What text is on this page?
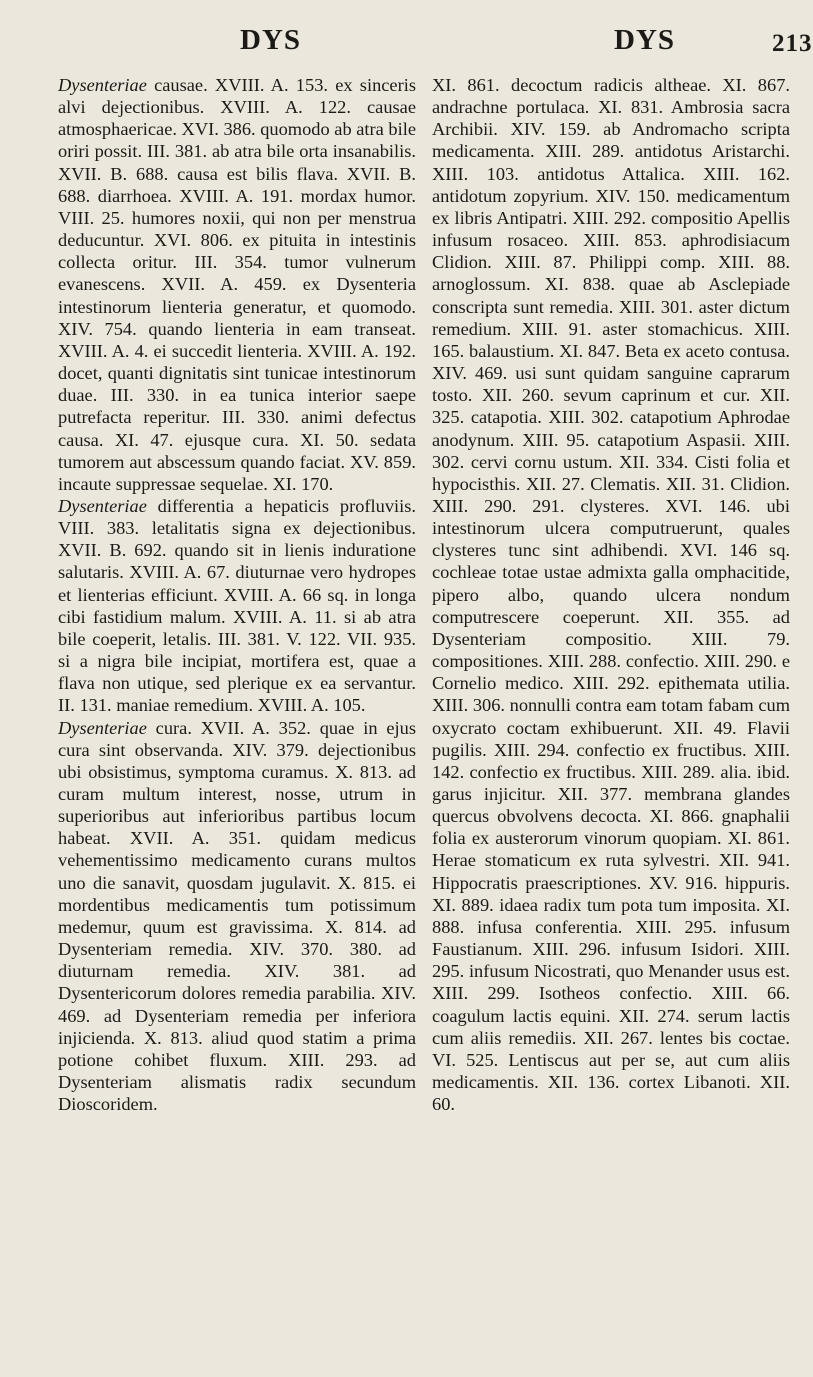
DYS	DYS	213

Dysenteriae causae. XVIII. A. 153. ex sinceris alvi dejectionibus. XVIII. A. 122. causae atmosphaericae. XVI. 386. quomodo ab atra bile oriri possit. III. 381. ab atra bile orta insanabilis. XVII. B. 688. causa est bilis flava. XVII. B. 688. diarrhoea. XVIII. A. 191. mordax humor. VIII. 25. humores noxii, qui non per menstrua deducuntur. XVI. 806. ex pituita in intestinis collecta oritur. III. 354. tumor vulnerum evanescens. XVII. A. 459. ex Dysenteria intestinorum lienteria generatur, et quomodo. XIV. 754. quando lienteria in eam transeat. XVIII. A. 4. ei succedit lienteria. XVIII. A. 192. docet, quanti dignitatis sint tunicae intestinorum duae. III. 330. in ea tunica interior saepe putrefacta reperitur. III. 330. animi defectus causa. XI. 47. ejusque cura. XI. 50. sedata tumorem aut abscessum quando faciat. XV. 859. incaute suppressae sequelae. XI. 170.

Dysenteriae differentia a hepaticis profluviis. VIII. 383. letalitatis signa ex dejectionibus. XVII. B. 692. quando sit in lienis induratione salutaris. XVIII. A. 67. diuturnae vero hydropes et lienterias efficiunt. XVIII. A. 66 sq. in longa cibi fastidium malum. XVIII. A. 11. si ab atra bile coeperit, letalis. III. 381. V. 122. VII. 935. si a nigra bile incipiat, mortifera est, quae a flava non utique, sed plerique ex ea servantur. II. 131. maniae remedium. XVIII. A. 105.

Dysenteriae cura. XVII. A. 352. quae in ejus cura sint observanda. XIV. 379. dejectionibus ubi obsistimus, symptoma curamus. X. 813. ad curam multum interest, nosse, utrum in superioribus aut inferioribus partibus locum habeat. XVII. A. 351. quidam medicus vehementissimo medicamento curans multos uno die sanavit, quosdam jugulavit. X. 815. ei mordentibus medicamentis tum potissimum medemur, quum est gravissima. X. 814. ad Dysenteriam remedia. XIV. 370. 380. ad diuturnam remedia. XIV. 381. ad Dysentericorum dolores remedia parabilia. XIV. 469. ad Dysenteriam remedia per inferiora injicienda. X. 813. aliud quod statim a prima potione cohibet fluxum. XIII. 293. ad Dysenteriam alismatis radix secundum Dioscoridem.

XI. 861. decoctum radicis altheae. XI. 867. andrachne portulaca. XI. 831. Ambrosia sacra Archibii. XIV. 159. ab Andromacho scripta medicamenta. XIII. 289. antidotus Aristarchi. XIII. 103. antidotus Attalica. XIII. 162. antidotum zopyrium. XIV. 150. medicamentum ex libris Antipatri. XIII. 292. compositio Apellis infusum rosaceo. XIII. 853. aphrodisiacum Clidion. XIII. 87. Philippi comp. XIII. 88. arnoglossum. XI. 838. quae ab Asclepiade conscripta sunt remedia. XIII. 301. aster dictum remedium. XIII. 91. aster stomachicus. XIII. 165. balaustium. XI. 847. Beta ex aceto contusa. XIV. 469. usi sunt quidam sanguine caprarum tosto. XII. 260. sevum caprinum et cur. XII. 325. catapotia. XIII. 302. catapotium Aphrodae anodynum. XIII. 95. catapotium Aspasii. XIII. 302. cervi cornu ustum. XII. 334. Cisti folia et hypocisthis. XII. 27. Clematis. XII. 31. Clidion. XIII. 290. 291. clysteres. XVI. 146. ubi intestinorum ulcera computruerunt, quales clysteres tunc sint adhibendi. XVI. 146 sq. cochleae totae ustae admixta galla omphacitide, pipero albo, quando ulcera nondum computrescere coeperunt. XII. 355. ad Dysenteriam compositio. XIII. 79. compositiones. XIII. 288. confectio. XIII. 290. e Cornelio medico. XIII. 292. epithemata utilia. XIII. 306. nonnulli contra eam totam fabam cum oxycrato coctam exhibuerunt. XII. 49. Flavii pugilis. XIII. 294. confectio ex fructibus. XIII. 142. confectio ex fructibus. XIII. 289. alia. ibid. garus injicitur. XII. 377. membrana glandes quercus obvolvens decocta. XI. 866. gnaphalii folia ex austerorum vinorum quopiam. XI. 861. Herae stomaticum ex ruta sylvestri. XII. 941. Hippocratis praescriptiones. XV. 916. hippuris. XI. 889. idaea radix tum pota tum imposita. XI. 888. infusa conferentia. XIII. 295. infusum Faustianum. XIII. 296. infusum Isidori. XIII. 295. infusum Nicostrati, quo Menander usus est. XIII. 299. Isotheos confectio. XIII. 66. coagulum lactis equini. XII. 274. serum lactis cum aliis remediis. XII. 267. lentes bis coctae. VI. 525. Lentiscus aut per se, aut cum aliis medicamentis. XII. 136. cortex Libanoti. XII. 60.
